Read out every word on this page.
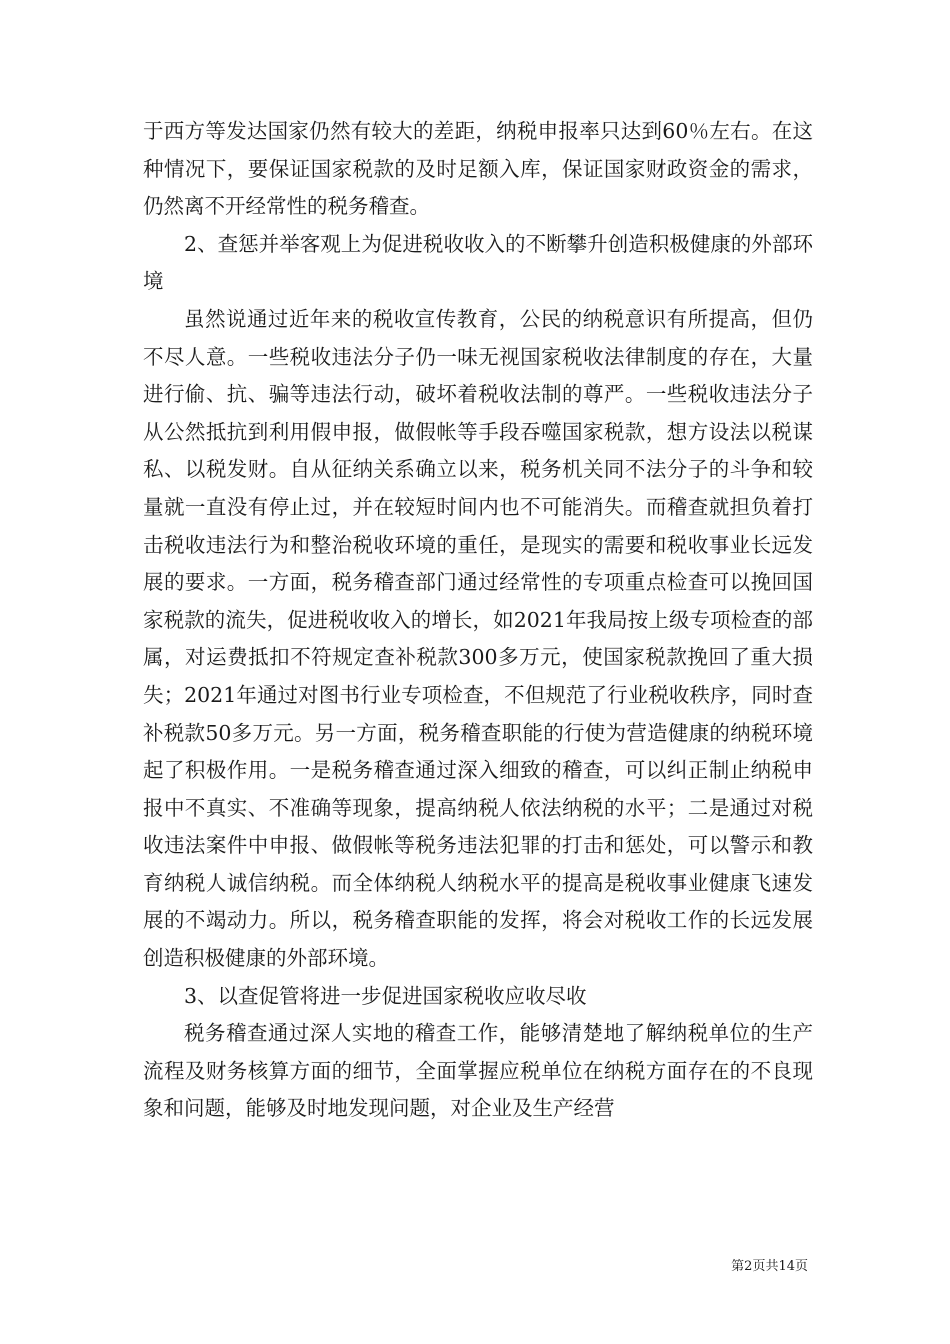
于西方等发达国家仍然有较大的差距，纳税申报率只达到60％左右。在这种情况下，要保证国家税款的及时足额入库，保证国家财政资金的需求，仍然离不开经常性的税务稽查。

2、查惩并举客观上为促进税收收入的不断攀升创造积极健康的外部环境

虽然说通过近年来的税收宣传教育，公民的纳税意识有所提高，但仍不尽人意。一些税收违法分子仍一味无视国家税收法律制度的存在，大量进行偷、抗、骗等违法行动，破坏着税收法制的尊严。一些税收违法分子从公然抵抗到利用假申报，做假帐等手段吞噬国家税款，想方设法以税谋私、以税发财。自从征纳关系确立以来，税务机关同不法分子的斗争和较量就一直没有停止过，并在较短时间内也不可能消失。而稽查就担负着打击税收违法行为和整治税收环境的重任，是现实的需要和税收事业长远发展的要求。一方面，税务稽查部门通过经常性的专项重点检查可以挽回国家税款的流失，促进税收收入的增长，如2021年我局按上级专项检查的部属，对运费抵扣不符规定查补税款300多万元，使国家税款挽回了重大损失；2021年通过对图书行业专项检查，不但规范了行业税收秩序，同时查补税款50多万元。另一方面，税务稽查职能的行使为营造健康的纳税环境起了积极作用。一是税务稽查通过深入细致的稽查，可以纠正制止纳税申报中不真实、不准确等现象，提高纳税人依法纳税的水平；二是通过对税收违法案件中申报、做假帐等税务违法犯罪的打击和惩处，可以警示和教育纳税人诚信纳税。而全体纳税人纳税水平的提高是税收事业健康飞速发展的不竭动力。所以，税务稽查职能的发挥，将会对税收工作的长远发展创造积极健康的外部环境。

3、以查促管将进一步促进国家税收应收尽收

税务稽查通过深人实地的稽查工作，能够清楚地了解纳税单位的生产流程及财务核算方面的细节，全面掌握应税单位在纳税方面存在的不良现象和问题，能够及时地发现问题，对企业及生产经营

第2页共14页
